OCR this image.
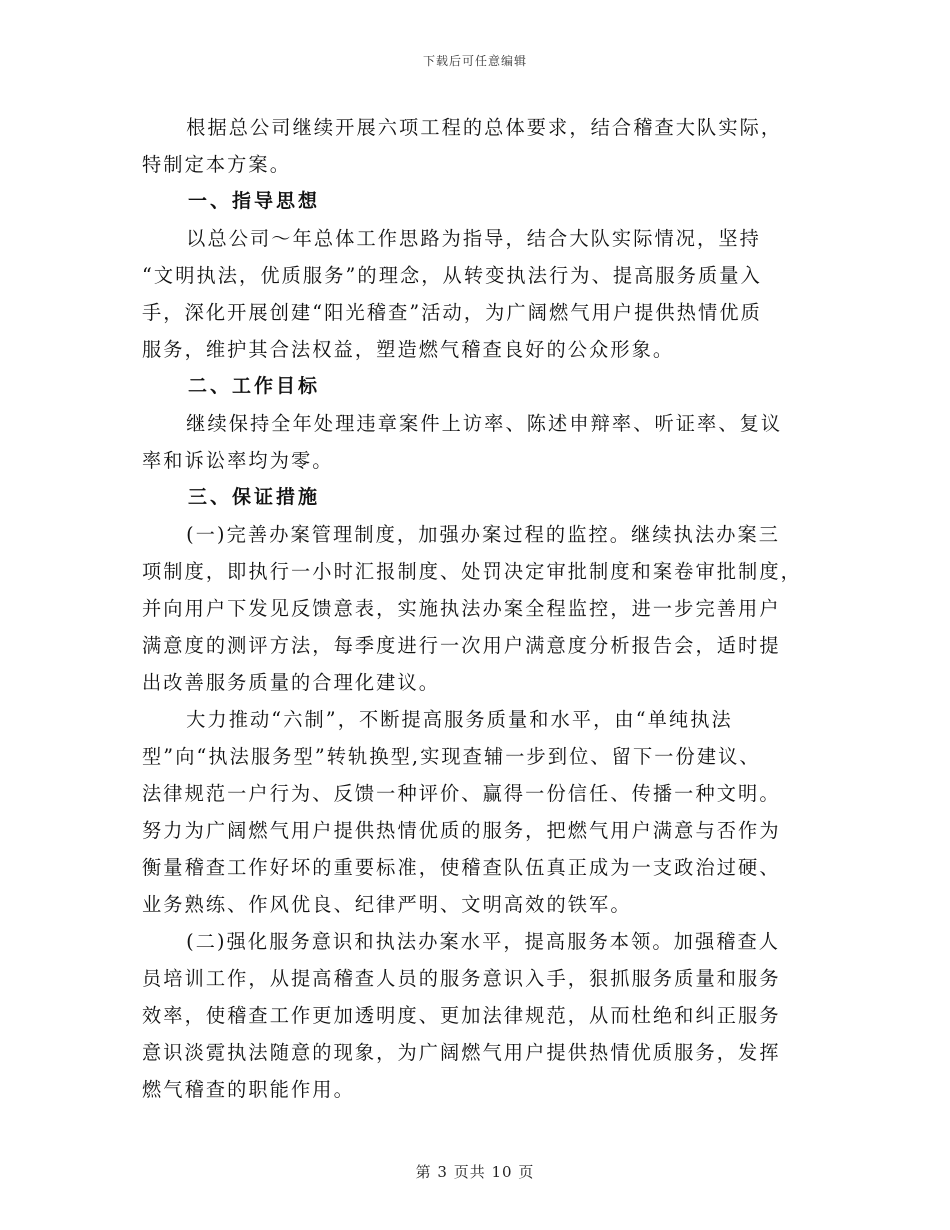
下载后可任意编辑

根据总公司继续开展六项工程的总体要求，结合稽查大队实际，
特制定本方案。

一、指导思想

以总公司～年总体工作思路为指导，结合大队实际情况，坚持
“文明执法，优质服务”的理念，从转变执法行为、提高服务质量入
手，深化开展创建“阳光稽查”活动，为广阔燃气用户提供热情优质
服务，维护其合法权益，塑造燃气稽查良好的公众形象。

二、工作目标

继续保持全年处理违章案件上访率、陈述申辩率、听证率、复议
率和诉讼率均为零。

三、保证措施

(一)完善办案管理制度，加强办案过程的监控。继续执法办案三
项制度，即执行一小时汇报制度、处罚决定审批制度和案卷审批制度，
并向用户下发见反馈意表，实施执法办案全程监控，进一步完善用户
满意度的测评方法，每季度进行一次用户满意度分析报告会，适时提
出改善服务质量的合理化建议。

大力推动“六制”，不断提高服务质量和水平，由“单纯执法
型”向“执法服务型”转轨换型,实现查辅一步到位、留下一份建议、
法律规范一户行为、反馈一种评价、赢得一份信任、传播一种文明。
努力为广阔燃气用户提供热情优质的服务，把燃气用户满意与否作为
衡量稽查工作好坏的重要标准，使稽查队伍真正成为一支政治过硬、
业务熟练、作风优良、纪律严明、文明高效的铁军。

(二)强化服务意识和执法办案水平，提高服务本领。加强稽查人
员培训工作，从提高稽查人员的服务意识入手，狠抓服务质量和服务
效率，使稽查工作更加透明度、更加法律规范，从而杜绝和纠正服务
意识淡霓执法随意的现象，为广阔燃气用户提供热情优质服务，发挥
燃气稽查的职能作用。

第 3 页共 10 页
